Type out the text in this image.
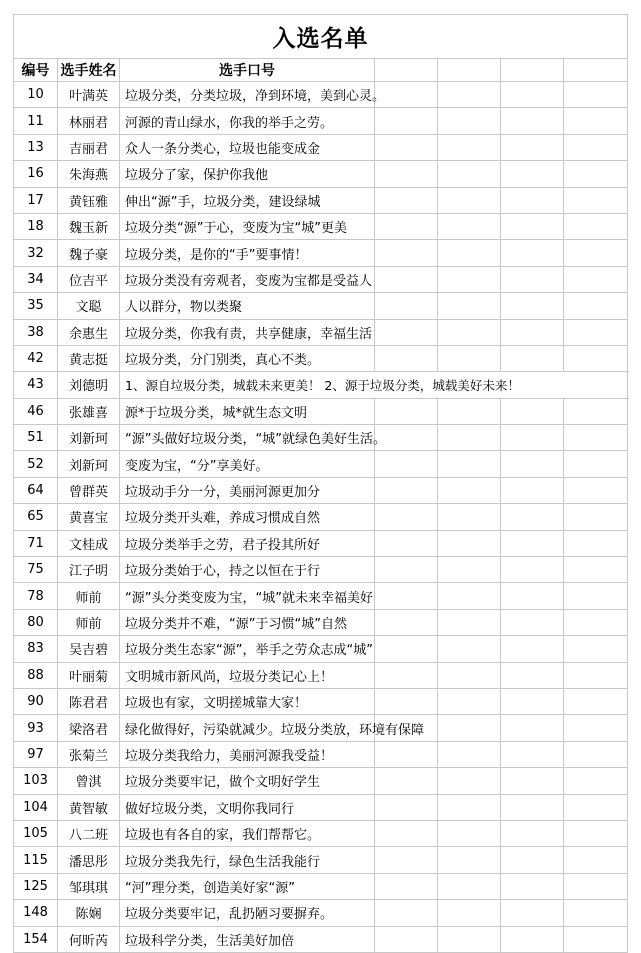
入选名单						
编号	选手姓名	选手口号				
10	叶满英	垃圾分类，分类垃圾，净到环境，美到心灵。				
11	林丽君	河源的青山绿水，你我的举手之劳。				
13	吉丽君	众人一条分类心，垃圾也能变成金				
16	朱海燕	垃圾分了家，保护你我他				
17	黄钰雅	伸出“源”手，垃圾分类，建设绿城				
18	魏玉新	垃圾分类“源”于心，变废为宝“城”更美				
32	魏子豪	垃圾分类，是你的“手”要事情！				
34	位吉平	垃圾分类没有旁观者，变废为宝都是受益人				
35	文聪	人以群分，物以类聚				
38	余惠生	垃圾分类，你我有责，共享健康，幸福生活				
42	黄志挺	垃圾分类，分门别类，真心不类。				
43	刘德明	1、源自垃圾分类，城载未来更美！ 2、源于垃圾分类，城载美好未来！				
46	张雄喜	源*于垃圾分类，城*就生态文明				
51	刘新珂	“源”头做好垃圾分类，“城”就绿色美好生活。				
52	刘新珂	变废为宝，“分”享美好。				
64	曾群英	垃圾动手分一分，美丽河源更加分				
65	黄喜宝	垃圾分类开头难，养成习惯成自然				
71	文桂成	垃圾分类举手之劳，君子投其所好				
75	江子明	垃圾分类始于心，持之以恒在于行				
78	师前	“源”头分类变废为宝，“城”就未来幸福美好				
80	师前	垃圾分类并不难，“源”于习惯“城”自然				
83	吴吉碧	垃圾分类生态家“源”，举手之劳众志成“城”				
88	叶丽菊	文明城市新风尚，垃圾分类记心上！				
90	陈君君	垃圾也有家，文明搓城靠大家！				
93	梁洛君	绿化做得好，污染就减少。垃圾分类放，环境有保障				
97	张菊兰	垃圾分类我给力，美丽河源我受益！				
103	曾淇	垃圾分类要牢记，做个文明好学生				
104	黄智敏	做好垃圾分类，文明你我同行				
105	八二班	垃圾也有各自的家，我们帮帮它。				
115	潘思彤	垃圾分类我先行，绿色生活我能行				
125	邹琪琪	“河”理分类，创造美好家“源”				
148	陈娴	垃圾分类要牢记，乱扔陋习要摒弃。				
154	何昕芮	垃圾科学分类，生活美好加倍				
